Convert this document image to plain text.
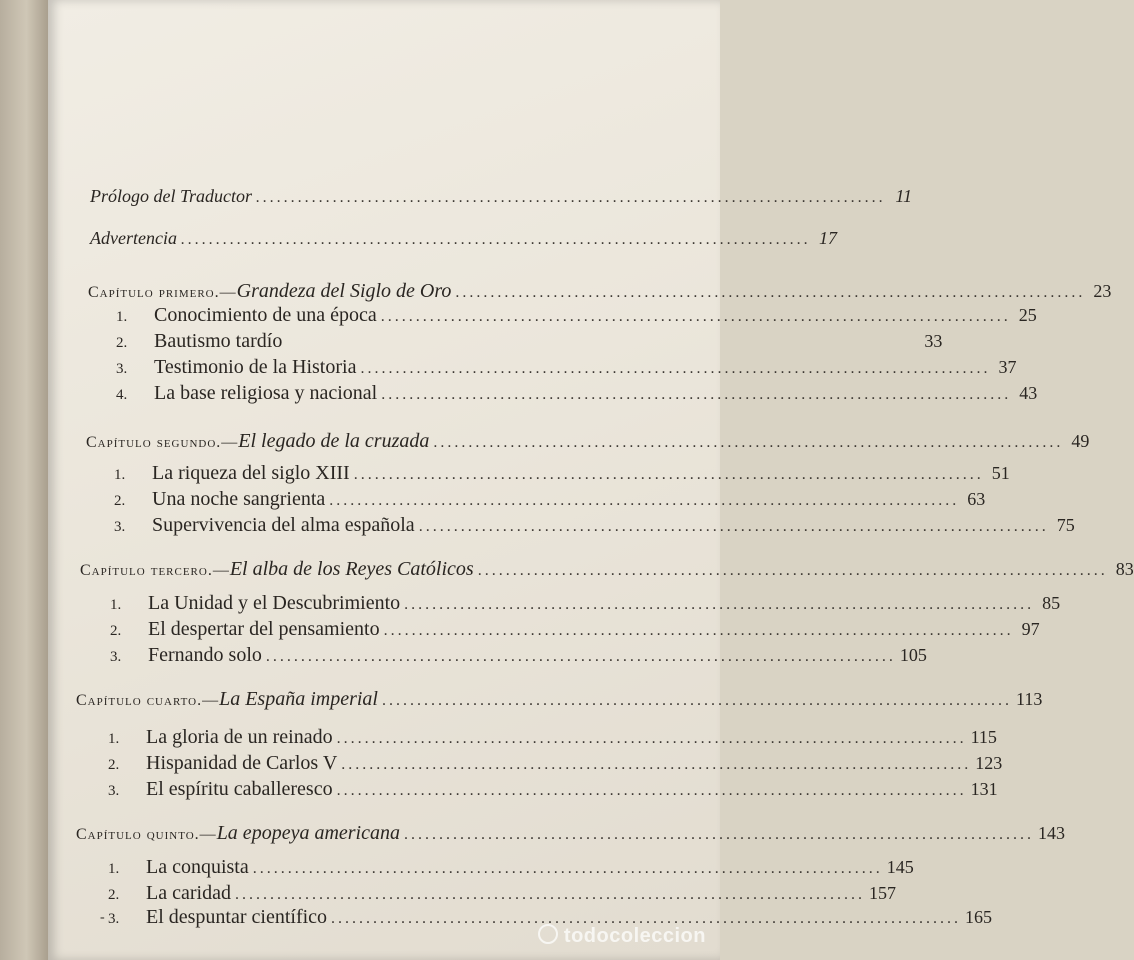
Prólogo del Traductor .......................................................................................... 11
Advertencia .......................................................................................... 17
Capítulo primero.—Grandeza del Siglo de Oro .......................................................................................... 23
1. Conocimiento de una época .......................................................................................... 25
2. Bautismo tardío	33
3. Testimonio de la Historia .......................................................................................... 37
4. La base religiosa y nacional .......................................................................................... 43
Capítulo segundo.—El legado de la cruzada .......................................................................................... 49
1. La riqueza del siglo XIII .......................................................................................... 51
2. Una noche sangrienta .......................................................................................... 63
3. Supervivencia del alma española .......................................................................................... 75
Capítulo tercero.—El alba de los Reyes Católicos .......................................................................................... 83
1. La Unidad y el Descubrimiento .......................................................................................... 85
2. El despertar del pensamiento .......................................................................................... 97
3. Fernando solo .......................................................................................... 105
Capítulo cuarto.—La España imperial .......................................................................................... 113
1. La gloria de un reinado .......................................................................................... 115
2. Hispanidad de Carlos V .......................................................................................... 123
3. El espíritu caballeresco .......................................................................................... 131
Capítulo quinto.—La epopeya americana .......................................................................................... 143
1. La conquista .......................................................................................... 145
2. La caridad .......................................................................................... 157
3. El despuntar científico .......................................................................................... 165
-
todocoleccion
